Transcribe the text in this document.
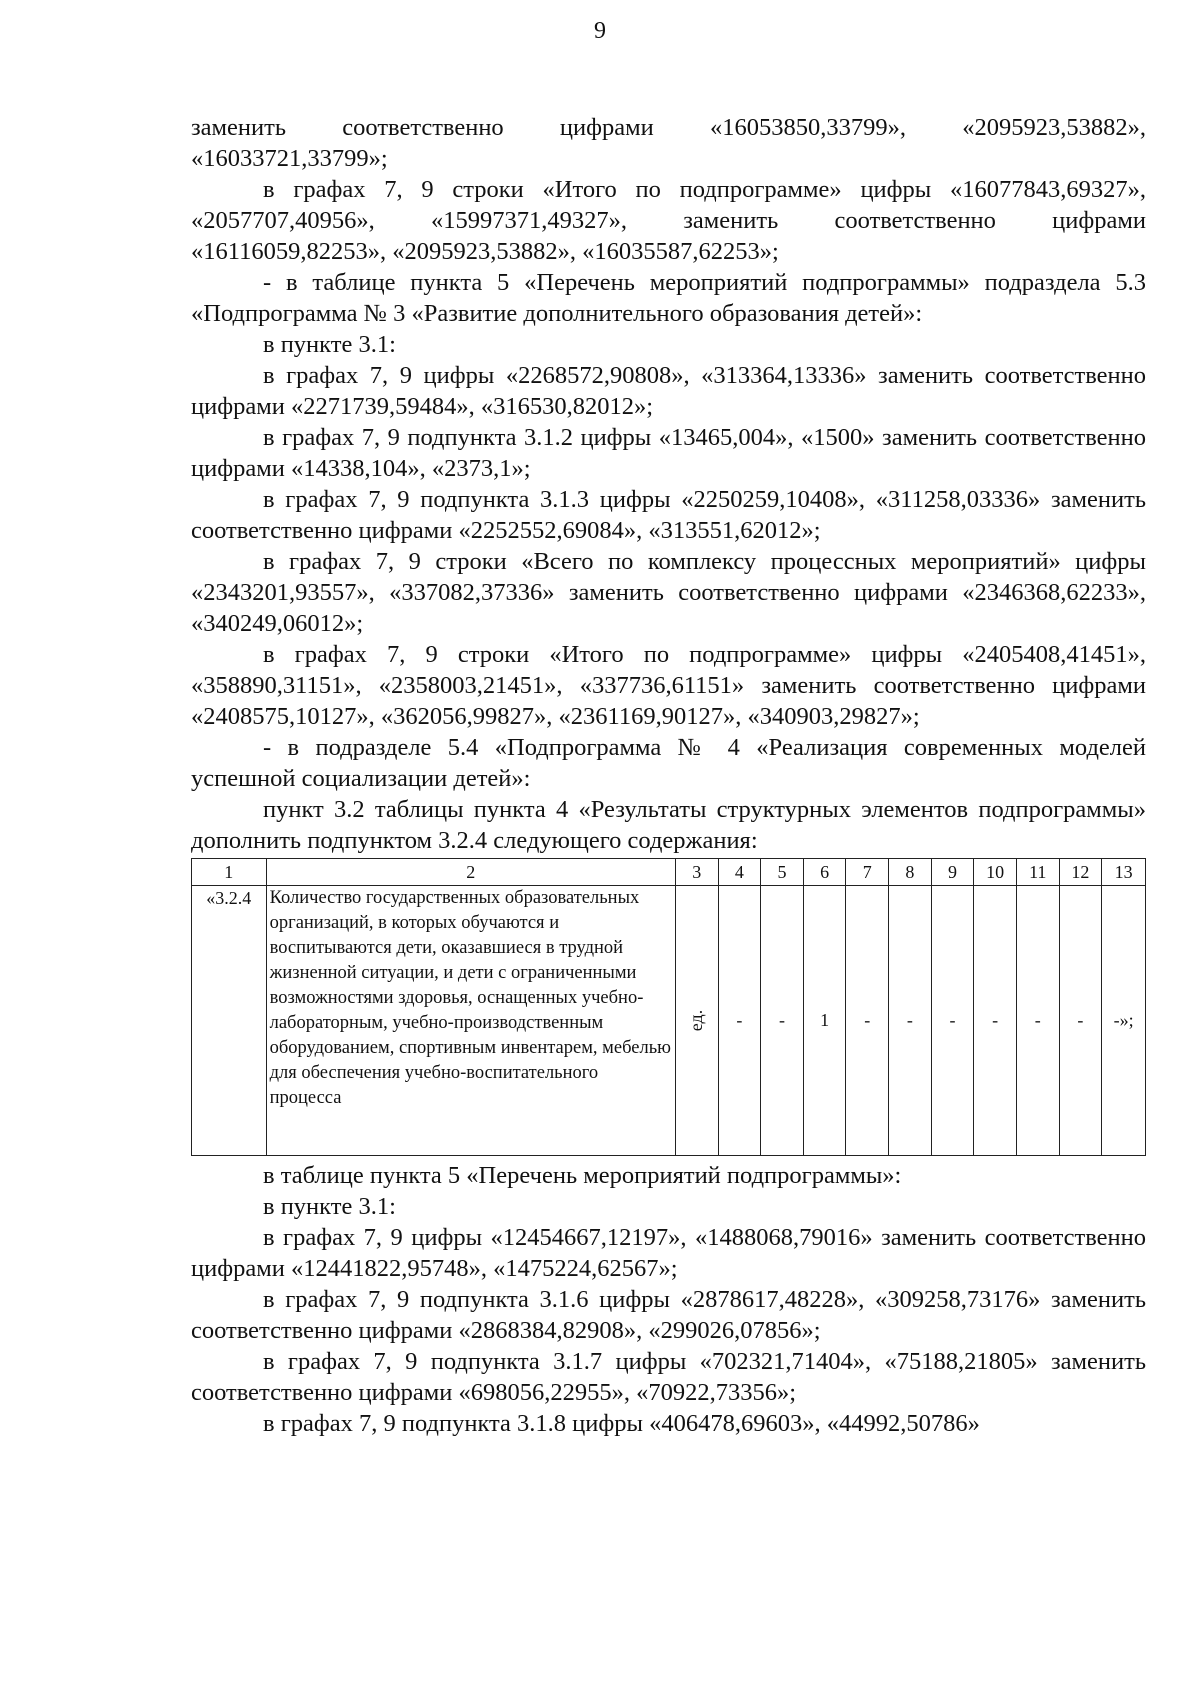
9

заменить соответственно цифрами «16053850,33799», «2095923,53882», «16033721,33799»;

в графах 7, 9 строки «Итого по подпрограмме» цифры «16077843,69327», «2057707,40956», «15997371,49327», заменить соответственно цифрами «16116059,82253», «2095923,53882», «16035587,62253»;

- в таблице пункта 5 «Перечень мероприятий подпрограммы» подраздела 5.3 «Подпрограмма № 3 «Развитие дополнительного образования детей»:

в пункте 3.1:

в графах 7, 9 цифры «2268572,90808», «313364,13336» заменить соответственно цифрами «2271739,59484», «316530,82012»;

в графах 7, 9 подпункта 3.1.2 цифры «13465,004», «1500» заменить соответственно цифрами «14338,104», «2373,1»;

в графах 7, 9 подпункта 3.1.3 цифры «2250259,10408», «311258,03336» заменить соответственно цифрами «2252552,69084», «313551,62012»;

в графах 7, 9 строки «Всего по комплексу процессных мероприятий» цифры «2343201,93557», «337082,37336» заменить соответственно цифрами «2346368,62233», «340249,06012»;

в графах 7, 9 строки «Итого по подпрограмме» цифры «2405408,41451», «358890,31151», «2358003,21451», «337736,61151» заменить соответственно цифрами «2408575,10127», «362056,99827», «2361169,90127», «340903,29827»;

- в подразделе 5.4 «Подпрограмма № 4 «Реализация современных моделей успешной социализации детей»:

пункт 3.2 таблицы пункта 4 «Результаты структурных элементов подпрограммы» дополнить подпунктом 3.2.4 следующего содержания:

1	2	3	4	5	6	7	8	9	10	11	12	13
«3.2.4	Количество государственных образовательных организаций, в которых обучаются и воспитываются дети, оказавшиеся в трудной жизненной ситуации, и дети с ограниченными возможностями здоровья, оснащенных учебно-лабораторным, учебно-производственным оборудованием, спортивным инвентарем, мебелью для обеспечения учебно-воспитательного процесса	ед.	-	-	1	-	-	-	-	-	-	-»;

в таблице пункта 5 «Перечень мероприятий подпрограммы»:

в пункте 3.1:

в графах 7, 9 цифры «12454667,12197», «1488068,79016» заменить соответственно цифрами «12441822,95748», «1475224,62567»;

в графах 7, 9 подпункта 3.1.6 цифры «2878617,48228», «309258,73176» заменить соответственно цифрами «2868384,82908», «299026,07856»;

в графах 7, 9 подпункта 3.1.7 цифры «702321,71404», «75188,21805» заменить соответственно цифрами «698056,22955», «70922,73356»;

в графах 7, 9 подпункта 3.1.8 цифры «406478,69603», «44992,50786»
